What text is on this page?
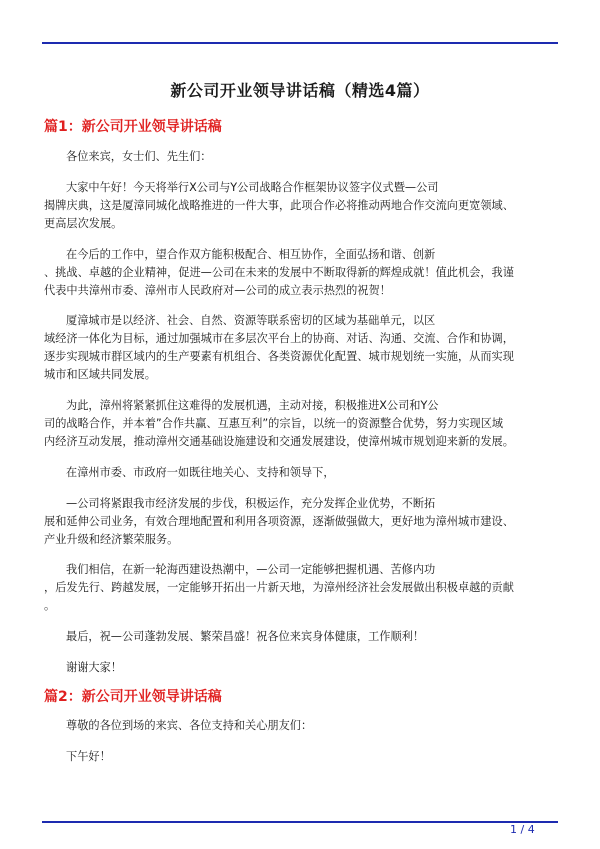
新公司开业领导讲话稿（精选4篇）
篇1：新公司开业领导讲话稿
各位来宾，女士们、先生们：
大家中午好！今天将举行X公司与Y公司战略合作框架协议签字仪式暨—公司
揭牌庆典，这是厦漳同城化战略推进的一件大事，此项合作必将推动两地合作交流向更宽领域、
更高层次发展。
在今后的工作中，望合作双方能积极配合、相互协作，全面弘扬和谐、创新
、挑战、卓越的企业精神，促进—公司在未来的发展中不断取得新的辉煌成就！值此机会，我谨
代表中共漳州市委、漳州市人民政府对—公司的成立表示热烈的祝贺！
厦漳城市是以经济、社会、自然、资源等联系密切的区域为基础单元，以区
域经济一体化为目标，通过加强城市在多层次平台上的协商、对话、沟通、交流、合作和协调，
逐步实现城市群区域内的生产要素有机组合、各类资源优化配置、城市规划统一实施，从而实现
城市和区域共同发展。
为此，漳州将紧紧抓住这难得的发展机遇，主动对接，积极推进X公司和Y公
司的战略合作，并本着”合作共赢、互惠互利”的宗旨，以统一的资源整合优势，努力实现区域
内经济互动发展，推动漳州交通基础设施建设和交通发展建设，使漳州城市规划迎来新的发展。
在漳州市委、市政府一如既往地关心、支持和领导下，
—公司将紧跟我市经济发展的步伐，积极运作，充分发挥企业优势，不断拓
展和延伸公司业务，有效合理地配置和利用各项资源，逐渐做强做大，更好地为漳州城市建设、
产业升级和经济繁荣服务。
我们相信，在新一轮海西建设热潮中，—公司一定能够把握机遇、苦修内功
，后发先行、跨越发展，一定能够开拓出一片新天地，为漳州经济社会发展做出积极卓越的贡献
。
最后，祝—公司蓬勃发展、繁荣昌盛！祝各位来宾身体健康，工作顺利！
谢谢大家！
篇2：新公司开业领导讲话稿
尊敬的各位到场的来宾、各位支持和关心朋友们：
下午好！
1 / 4
